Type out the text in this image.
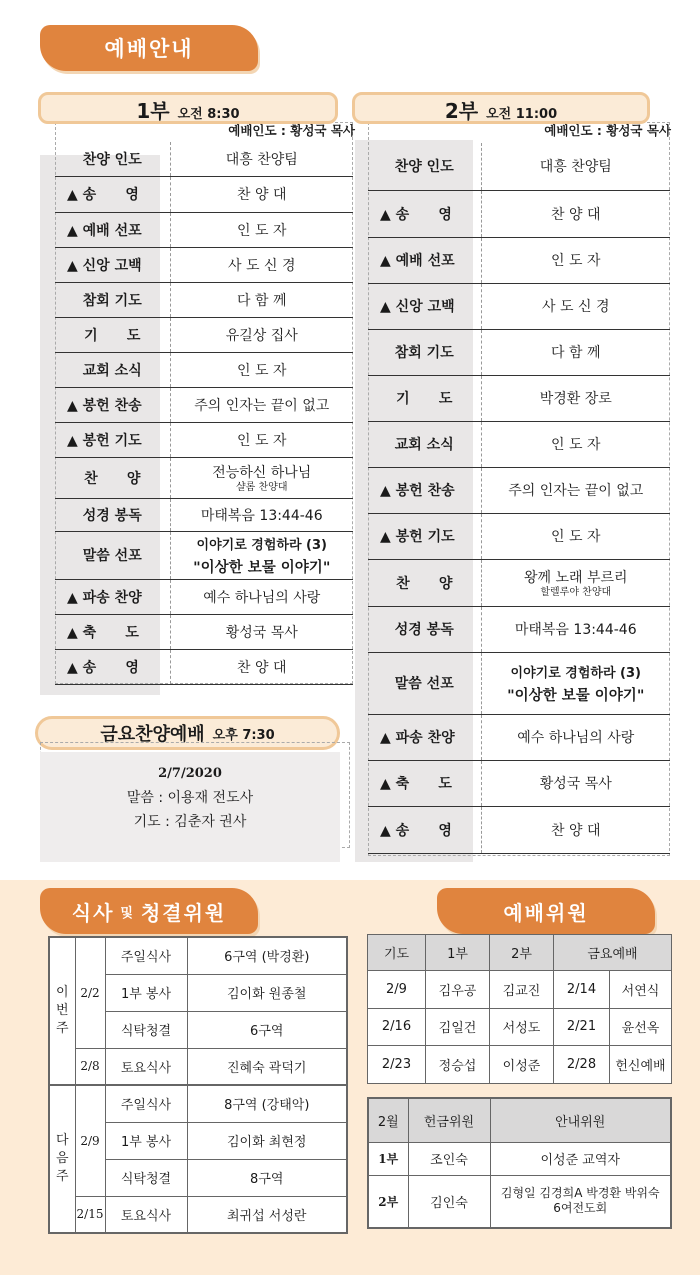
예배안내
1부 오전 8:30
예배인도 : 황성국 목사
찬양 인도	대흥 찬양팀
▲ 송      영	찬 양 대
▲ 예배 선포	인 도 자
▲ 신앙 고백	사 도 신 경
참회 기도	다 함 께
기      도	유길상 집사
교회 소식	인 도 자
▲ 봉헌 찬송	주의 인자는 끝이 없고
▲ 봉헌 기도	인 도 자
찬      양	전능하신 하나님
샬롬 찬양대

성경 봉독	마태복음 13:44-46
말씀 선포	이야기로 경험하라 (3)
"이상한 보물 이야기"

▲ 파송 찬양	예수 하나님의 사랑
▲ 축      도	황성국 목사
▲ 송      영	찬 양 대
2부 오전 11:00
예배인도 : 황성국 목사
찬양 인도	대흥 찬양팀
▲ 송      영	찬 양 대
▲ 예배 선포	인 도 자
▲ 신앙 고백	사 도 신 경
참회 기도	다 함 께
기      도	박경환 장로
교회 소식	인 도 자
▲ 봉헌 찬송	주의 인자는 끝이 없고
▲ 봉헌 기도	인 도 자
찬      양	왕께 노래 부르리
할렐루야 찬양대

성경 봉독	마태복음 13:44-46
말씀 선포	이야기로 경험하라 (3)
"이상한 보물 이야기"

▲ 파송 찬양	예수 하나님의 사랑
▲ 축      도	황성국 목사
▲ 송      영	찬 양 대
금요찬양예배 오후 7:30
2/7/2020
말씀 : 이용재 전도사
기도 : 김춘자 권사
식사 및 청결위원	예배위원
이번주	2/2	주일식사	6구역 (박경환)
		1부 봉사	김이화 원종철
		식탁청결	6구역
	2/8	토요식사	진혜숙 곽덕기
다음주	2/9	주일식사	8구역 (강태악)
		1부 봉사	김이화 최현정
		식탁청결	8구역
	2/15	토요식사	최귀섭 서성란
기도	1부	2부	금요예배	
2/9	김우공	김교진	2/14	서연식
2/16	김일건	서성도	2/21	윤선옥
2/23	정승섭	이성준	2/28	헌신예배
2월	헌금위원	안내위원
1부	조인숙	이성준 교역자
2부	김인숙	김형일 김경희A 박경환 박위숙 6여전도회
